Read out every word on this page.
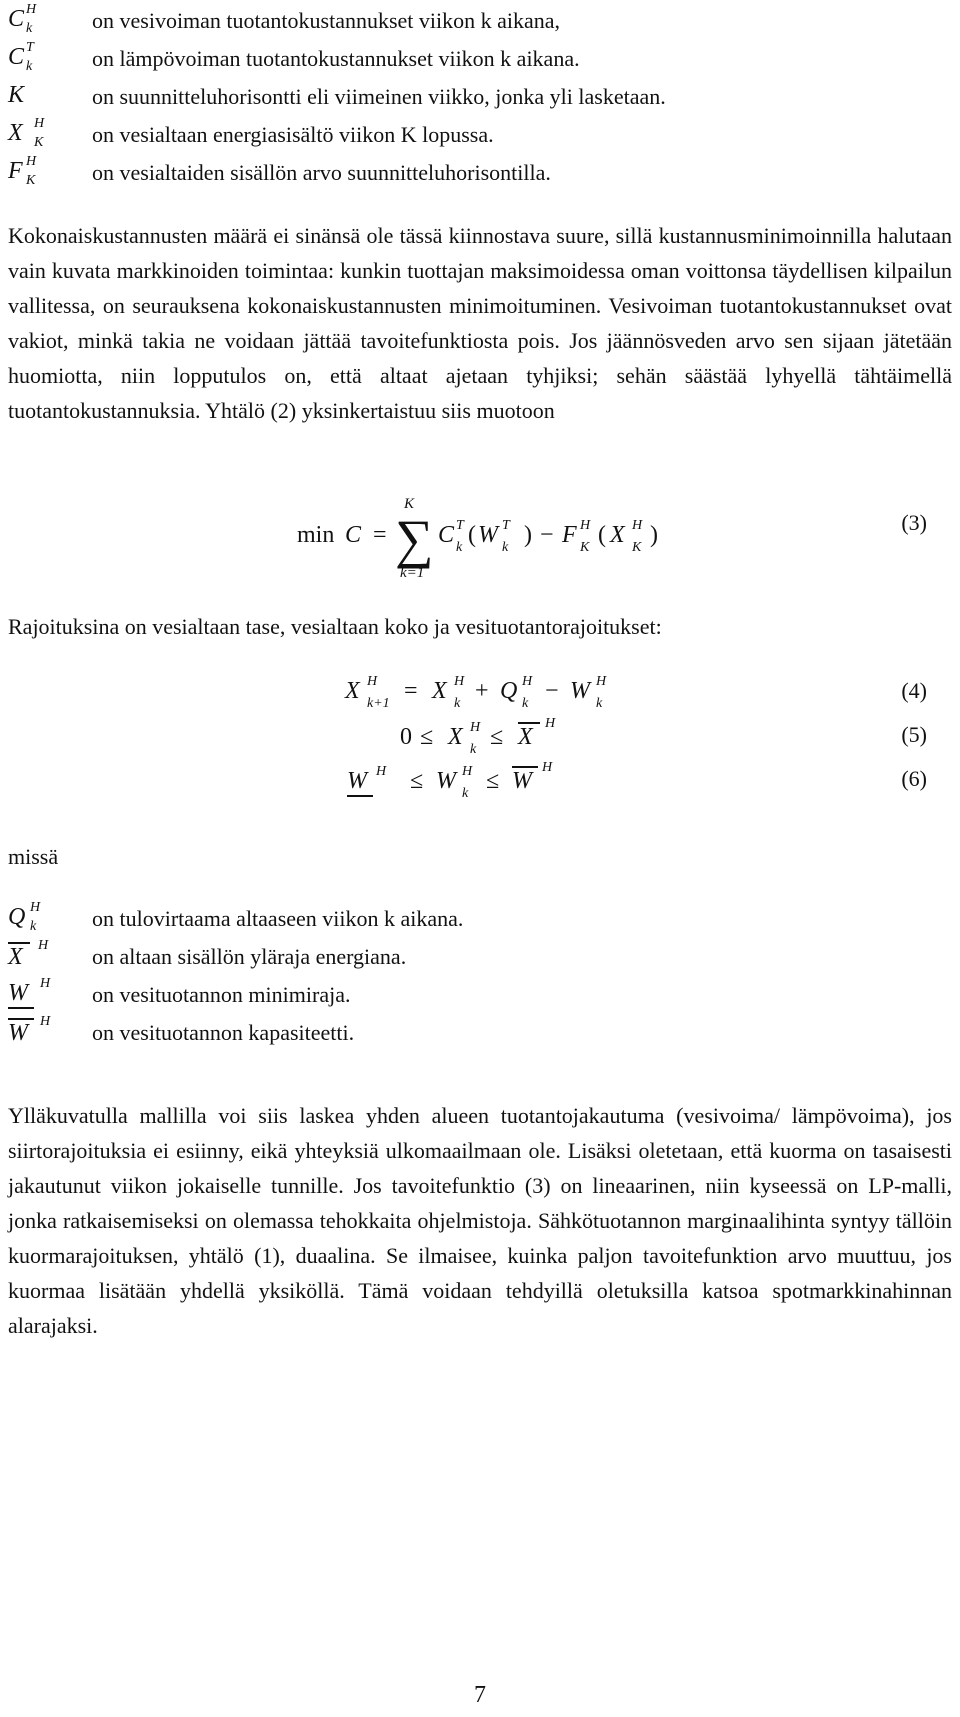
C H
k	on vesivoiman tuotantokustannukset viikon k aikana,
C T
k	on lämpövoiman tuotantokustannukset viikon k aikana.
K	on suunnitteluhorisontti eli viimeinen viikko, jonka yli lasketaan.
X H
K on vesialtaan energiasisältö viikon K lopussa.
F H
K	on vesialtaiden sisällön arvo suunnitteluhorisontilla.

Kokonaiskustannusten määrä ei sinänsä ole tässä kiinnostava suure, sillä kustannusminimoinnilla halutaan vain kuvata markkinoiden toimintaa: kunkin tuottajan maksimoidessa oman voittonsa täydellisen kilpailun vallitessa, on seurauksena kokonaiskustannusten minimoituminen. Vesivoiman tuotantokustannukset ovat vakiot, minkä takia ne voidaan jättää tavoitefunktiosta pois. Jos jäännösveden arvo sen sijaan jätetään huomiotta, niin lopputulos on, että altaat ajetaan tyhjiksi; sehän säästää lyhyellä tähtäimellä tuotantokustannuksia. Yhtälö (2) yksinkertaistuu siis muotoon

min C = ∑
K
k=1
C T
k ( W T
k ) − F H
K ( X H
K )	(3)
Rajoituksina on vesialtaan tase, vesialtaan koko ja vesituotantorajoitukset:
X H
k+1 = X H
k + Q H
k − W H
k
(4)
0 ≤ X H
k ≤ X
H	(5)
W H ≤ W H
k ≤ W
H	(6)
missä
Q H
k	on tulovirtaama altaaseen viikon k aikana.
X	H on altaan sisällön yläraja energiana.
W H on vesituotannon minimiraja.
W H on vesituotannon kapasiteetti.

Ylläkuvatulla mallilla voi siis laskea yhden alueen tuotantojakautuma (vesivoima/ lämpövoima), jos siirtorajoituksia ei esiinny, eikä yhteyksiä ulkomaailmaan ole. Lisäksi oletetaan, että kuorma on tasaisesti jakautunut viikon jokaiselle tunnille. Jos tavoitefunktio (3) on lineaarinen, niin kyseessä on LP-malli, jonka ratkaisemiseksi on olemassa tehokkaita ohjelmistoja. Sähkötuotannon marginaalihinta syntyy tällöin kuormarajoituksen, yhtälö (1), duaalina. Se ilmaisee, kuinka paljon tavoitefunktion arvo muuttuu, jos kuormaa lisätään yhdellä yksiköllä. Tämä voidaan tehdyillä oletuksilla katsoa spotmarkkinahinnan alarajaksi.

7
